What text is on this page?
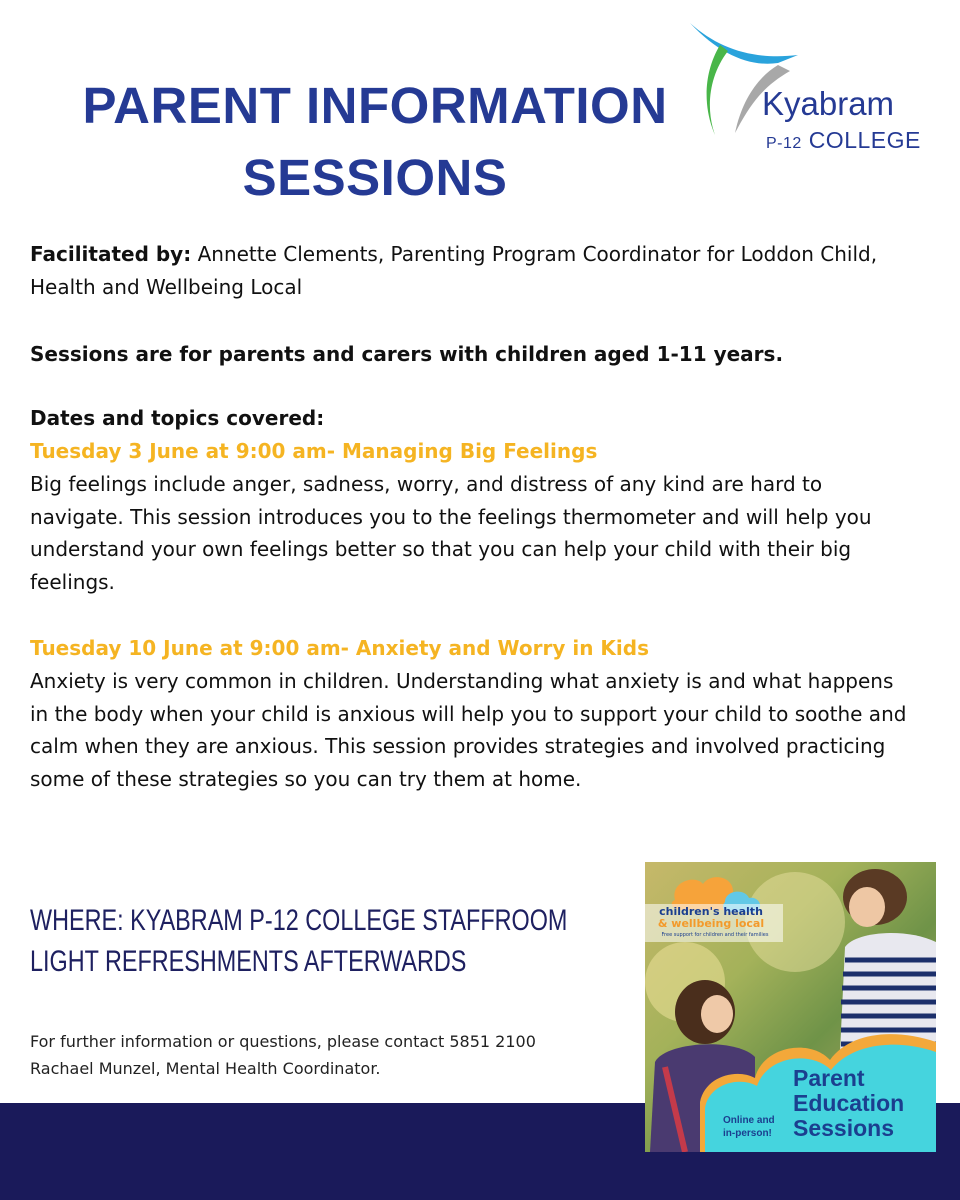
PARENT INFORMATION
SESSIONS
Kyabram
P-12 COLLEGE
Facilitated by: Annette Clements, Parenting Program Coordinator for Loddon Child, Health and Wellbeing Local
Sessions are for parents and carers with children aged 1-11 years.
Dates and topics covered:
Tuesday 3 June at 9:00 am- Managing Big Feelings
Big feelings include anger, sadness, worry, and distress of any kind are hard to navigate. This session introduces you to the feelings thermometer and will help you understand your own feelings better so that you can help your child with their big feelings.
Tuesday 10 June at 9:00 am- Anxiety and Worry in Kids
Anxiety is very common in children. Understanding what anxiety is and what happens in the body when your child is anxious will help you to support your child to soothe and calm when they are anxious. This session provides strategies and involved practicing some of these strategies so you can try them at home.
WHERE: KYABRAM P-12 COLLEGE STAFFROOM
LIGHT REFRESHMENTS AFTERWARDS
For further information or questions, please contact 5851 2100
Rachael Munzel, Mental Health Coordinator.
children's health
& wellbeing local
Free support for children and their families
Parent
Education
Sessions
Online and
in-person!
